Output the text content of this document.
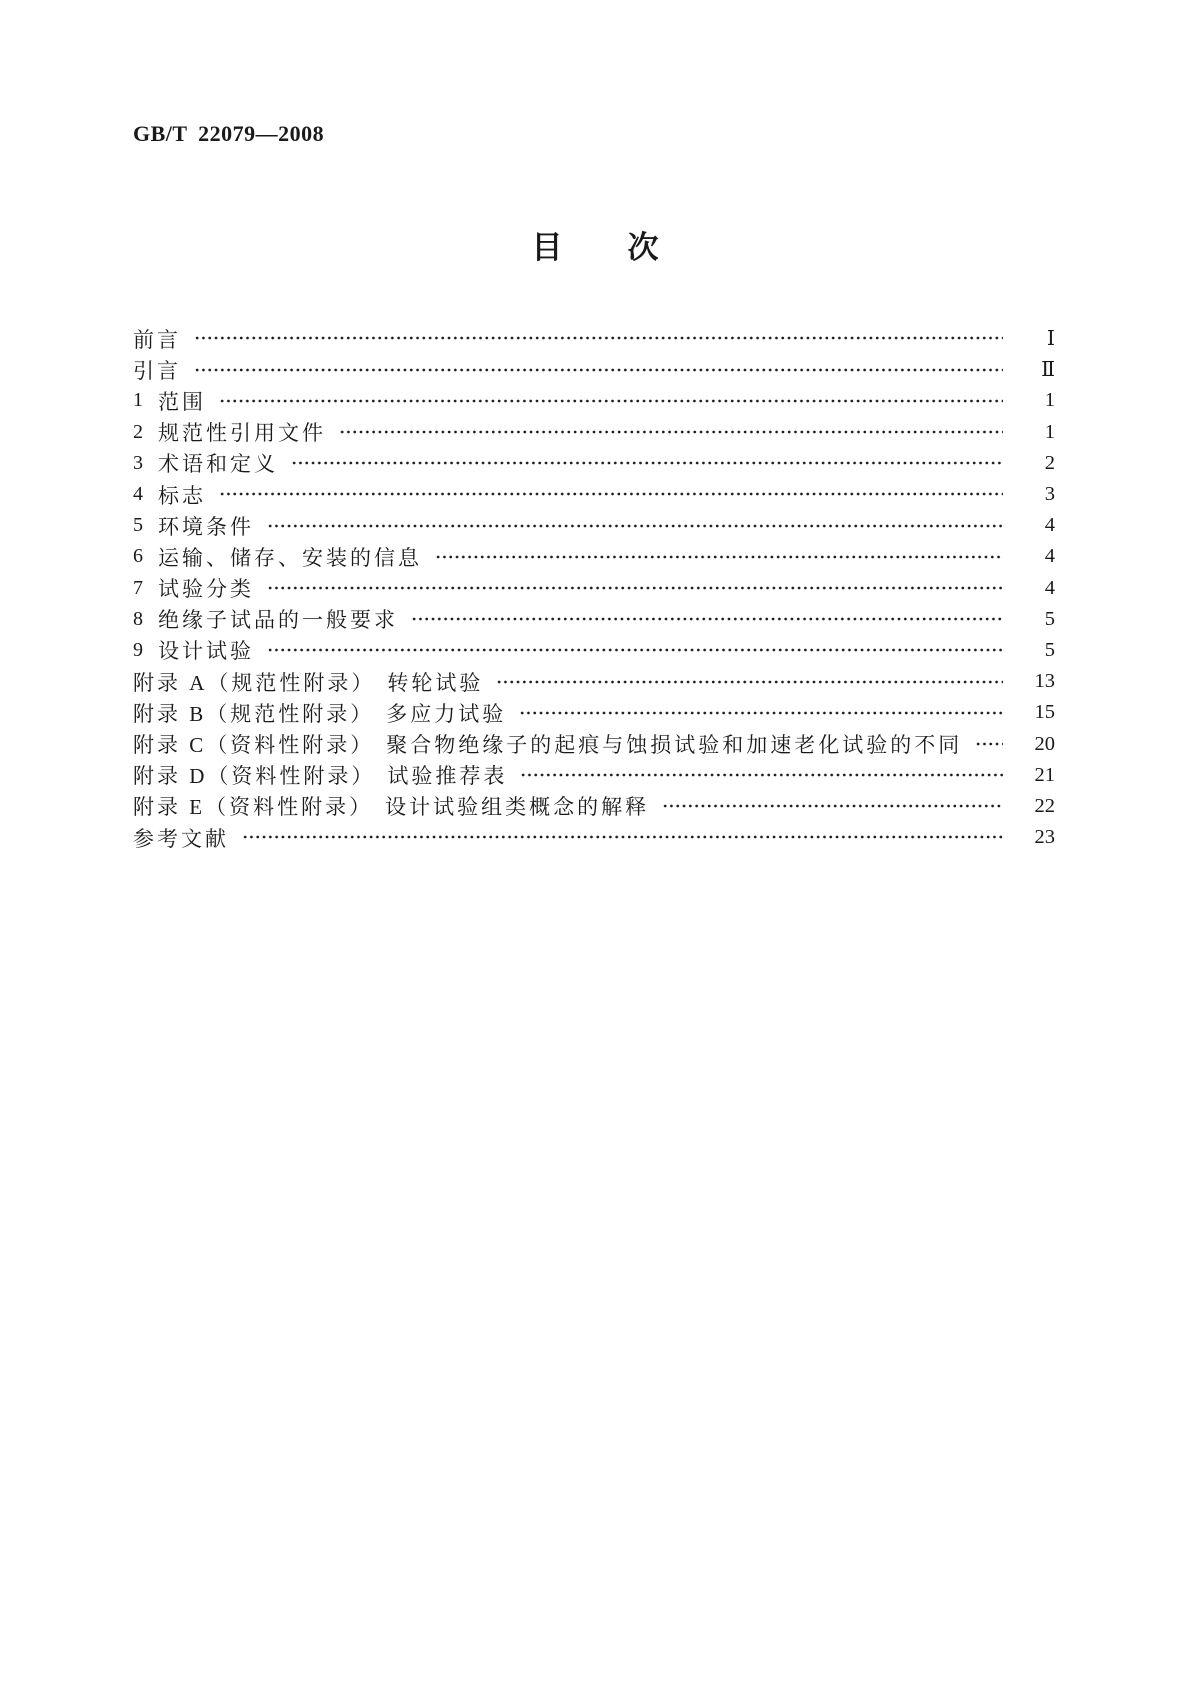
GB/T 22079—2008
目　　次
前言	Ⅰ
引言	Ⅱ
1 范围	1
2 规范性引用文件	1
3 术语和定义	2
4 标志	3
5 环境条件	4
6 运输、储存、安装的信息	4
7 试验分类	4
8 绝缘子试品的一般要求	5
9 设计试验	5
附录 A（规范性附录） 转轮试验	13
附录 B（规范性附录） 多应力试验	15
附录 C（资料性附录） 聚合物绝缘子的起痕与蚀损试验和加速老化试验的不同	20
附录 D（资料性附录） 试验推荐表	21
附录 E（资料性附录） 设计试验组类概念的解释	22
参考文献	23
